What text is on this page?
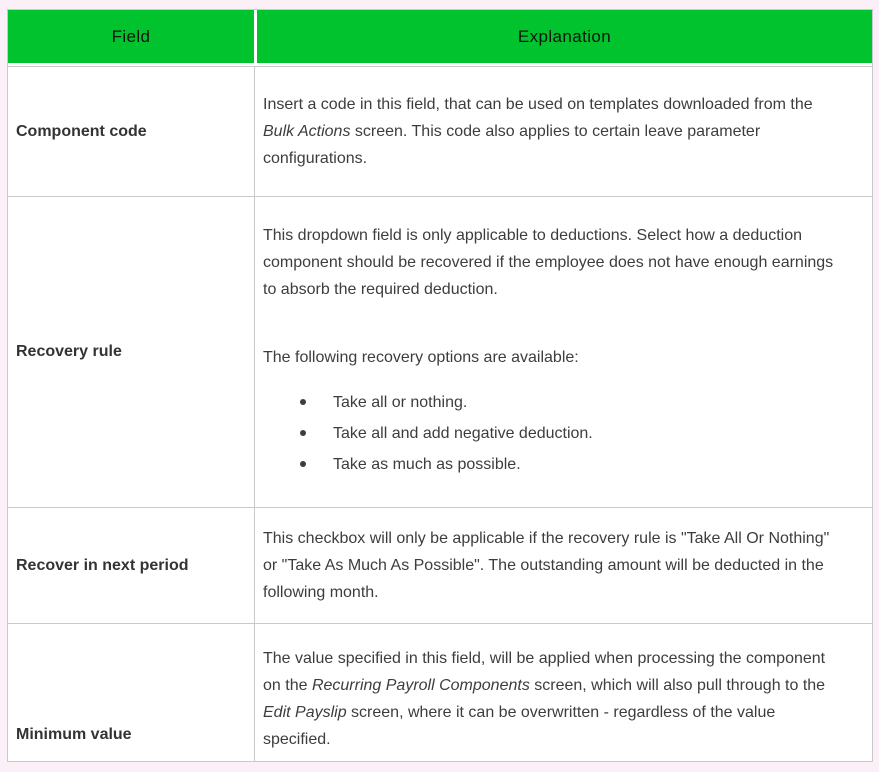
Field	Explanation
Component code

Insert a code in this field, that can be used on templates downloaded from the Bulk Actions screen. This code also applies to certain leave parameter configurations.

Recovery rule

This dropdown field is only applicable to deductions. Select how a deduction component should be recovered if the employee does not have enough earnings to absorb the required deduction.

The following recovery options are available:

Take all or nothing.
Take all and add negative deduction.
Take as much as possible.
Recover in next period

This checkbox will only be applicable if the recovery rule is "Take All Or Nothing" or "Take As Much As Possible". The outstanding amount will be deducted in the following month.

Minimum value

The value specified in this field, will be applied when processing the component on the Recurring Payroll Components screen, which will also pull through to the Edit Payslip screen, where it can be overwritten - regardless of the value specified.
